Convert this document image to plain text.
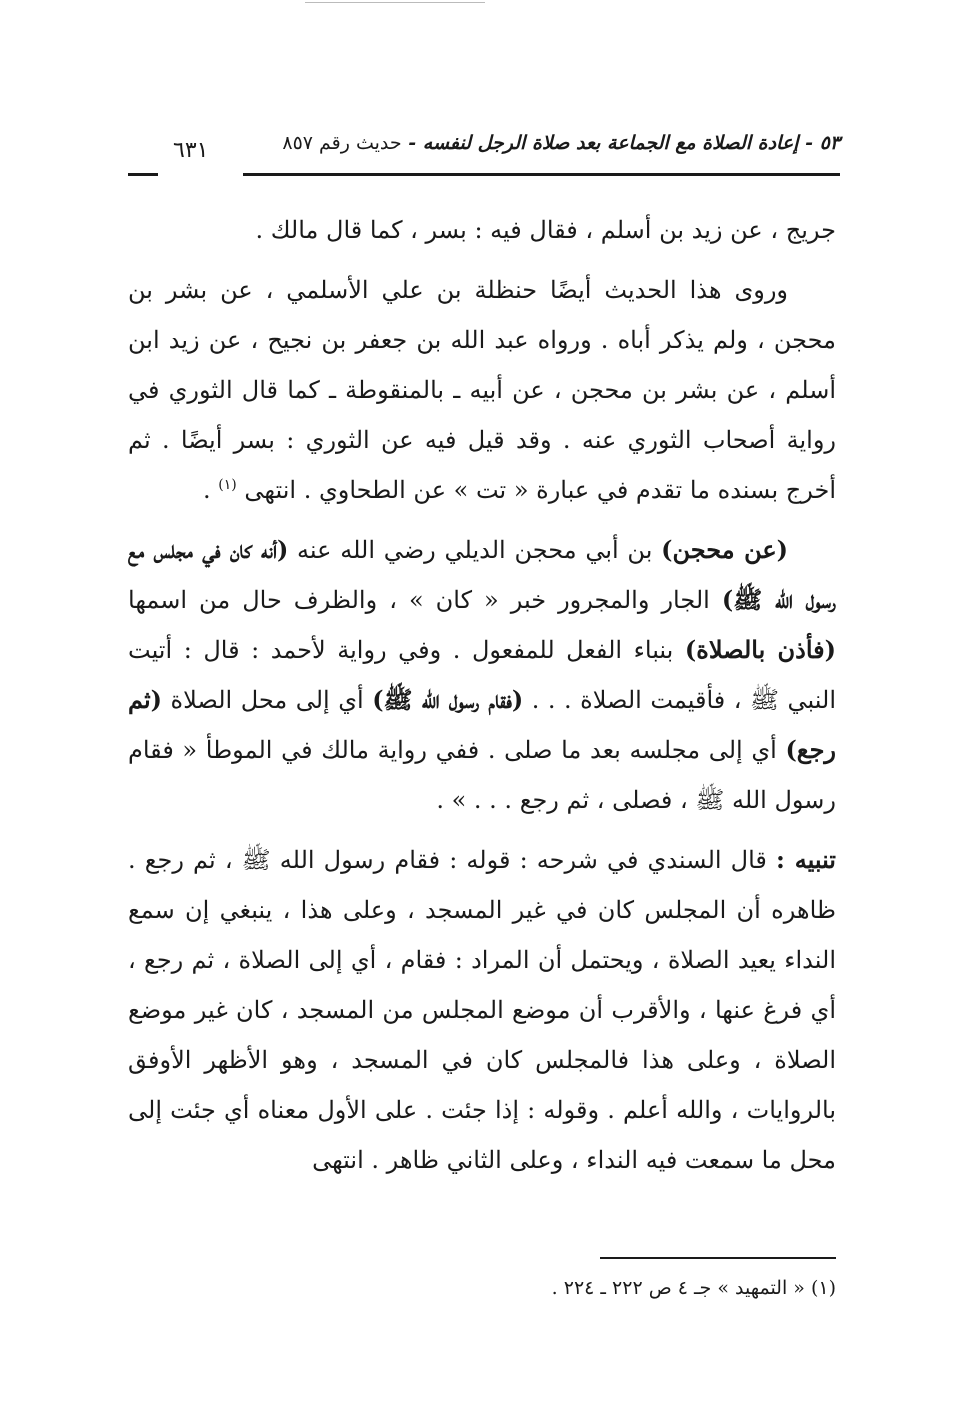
٥٣ - إعادة الصلاة مع الجماعة بعد صلاة الرجل لنفسه - حديث رقم ٨٥٧
٦٣١

جريج ، عن زيد بن أسلم ، فقال فيه : بسر ، كما قال مالك .

وروى هذا الحديث أيضًا حنظلة بن علي الأسلمي ، عن بشر بن محجن ، ولم يذكر أباه . ورواه عبد الله بن جعفر بن نجيح ، عن زيد ابن أسلم ، عن بشر بن محجن ، عن أبيه ـ بالمنقوطة ـ كما قال الثوري في رواية أصحاب الثوري عنه . وقد قيل فيه عن الثوري : بسر أيضًا . ثم أخرج بسنده ما تقدم في عبارة « تت » عن الطحاوي . انتهى $^{(١)}$ .

(عن محجن) بن أبي محجن الديلي رضي الله عنه (أنه كان في مجلس مع رسول الله ﷺ) الجار والمجرور خبر « كان » ، والظرف حال من اسمها (فأذن بالصلاة) بنباء الفعل للمفعول . وفي رواية لأحمد : قال : أتيت النبي ﷺ ، فأقيمت الصلاة . . . (فقام رسول الله ﷺ) أي إلى محل الصلاة (ثم رجع) أي إلى مجلسه بعد ما صلى . ففي رواية مالك في الموطأ « فقام رسول الله ﷺ ، فصلى ، ثم رجع . . . » .

تنبيه : قال السندي في شرحه : قوله : فقام رسول الله ﷺ ، ثم رجع . ظاهره أن المجلس كان في غير المسجد ، وعلى هذا ، ينبغي إن سمع النداء يعيد الصلاة ، ويحتمل أن المراد : فقام ، أي إلى الصلاة ، ثم رجع ، أي فرغ عنها ، والأقرب أن موضع المجلس من المسجد ، كان غير موضع الصلاة ، وعلى هذا فالمجلس كان في المسجد ، وهو الأظهر الأوفق بالروايات ، والله أعلم . وقوله : إذا جئت . على الأول معناه أي جئت إلى محل ما سمعت فيه النداء ، وعلى الثاني ظاهر . انتهى

(١) « التمهيد » جـ ٤ ص ٢٢٢ ـ ٢٢٤ .
